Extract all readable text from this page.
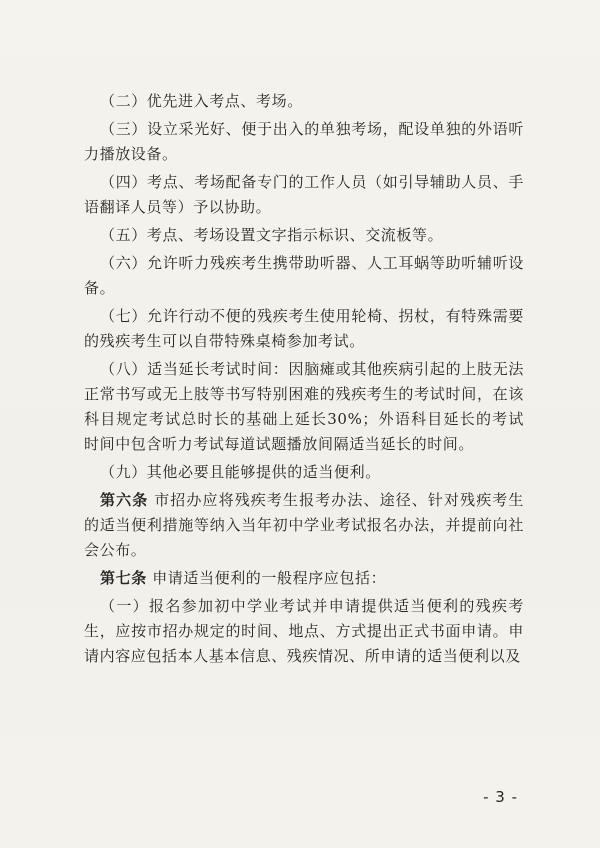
（二）优先进入考点、考场。

（三）设立采光好、便于出入的单独考场，配设单独的外语听力播放设备。

（四）考点、考场配备专门的工作人员（如引导辅助人员、手语翻译人员等）予以协助。

（五）考点、考场设置文字指示标识、交流板等。

（六）允许听力残疾考生携带助听器、人工耳蜗等助听辅听设备。

（七）允许行动不便的残疾考生使用轮椅、拐杖，有特殊需要的残疾考生可以自带特殊桌椅参加考试。

（八）适当延长考试时间：因脑瘫或其他疾病引起的上肢无法正常书写或无上肢等书写特别困难的残疾考生的考试时间，在该科目规定考试总时长的基础上延长30%；外语科目延长的考试时间中包含听力考试每道试题播放间隔适当延长的时间。

（九）其他必要且能够提供的适当便利。

第六条 市招办应将残疾考生报考办法、途径、针对残疾考生的适当便利措施等纳入当年初中学业考试报名办法，并提前向社会公布。

第七条 申请适当便利的一般程序应包括：

（一）报名参加初中学业考试并申请提供适当便利的残疾考生，应按市招办规定的时间、地点、方式提出正式书面申请。申请内容应包括本人基本信息、残疾情况、所申请的适当便利以及

- 3 -
